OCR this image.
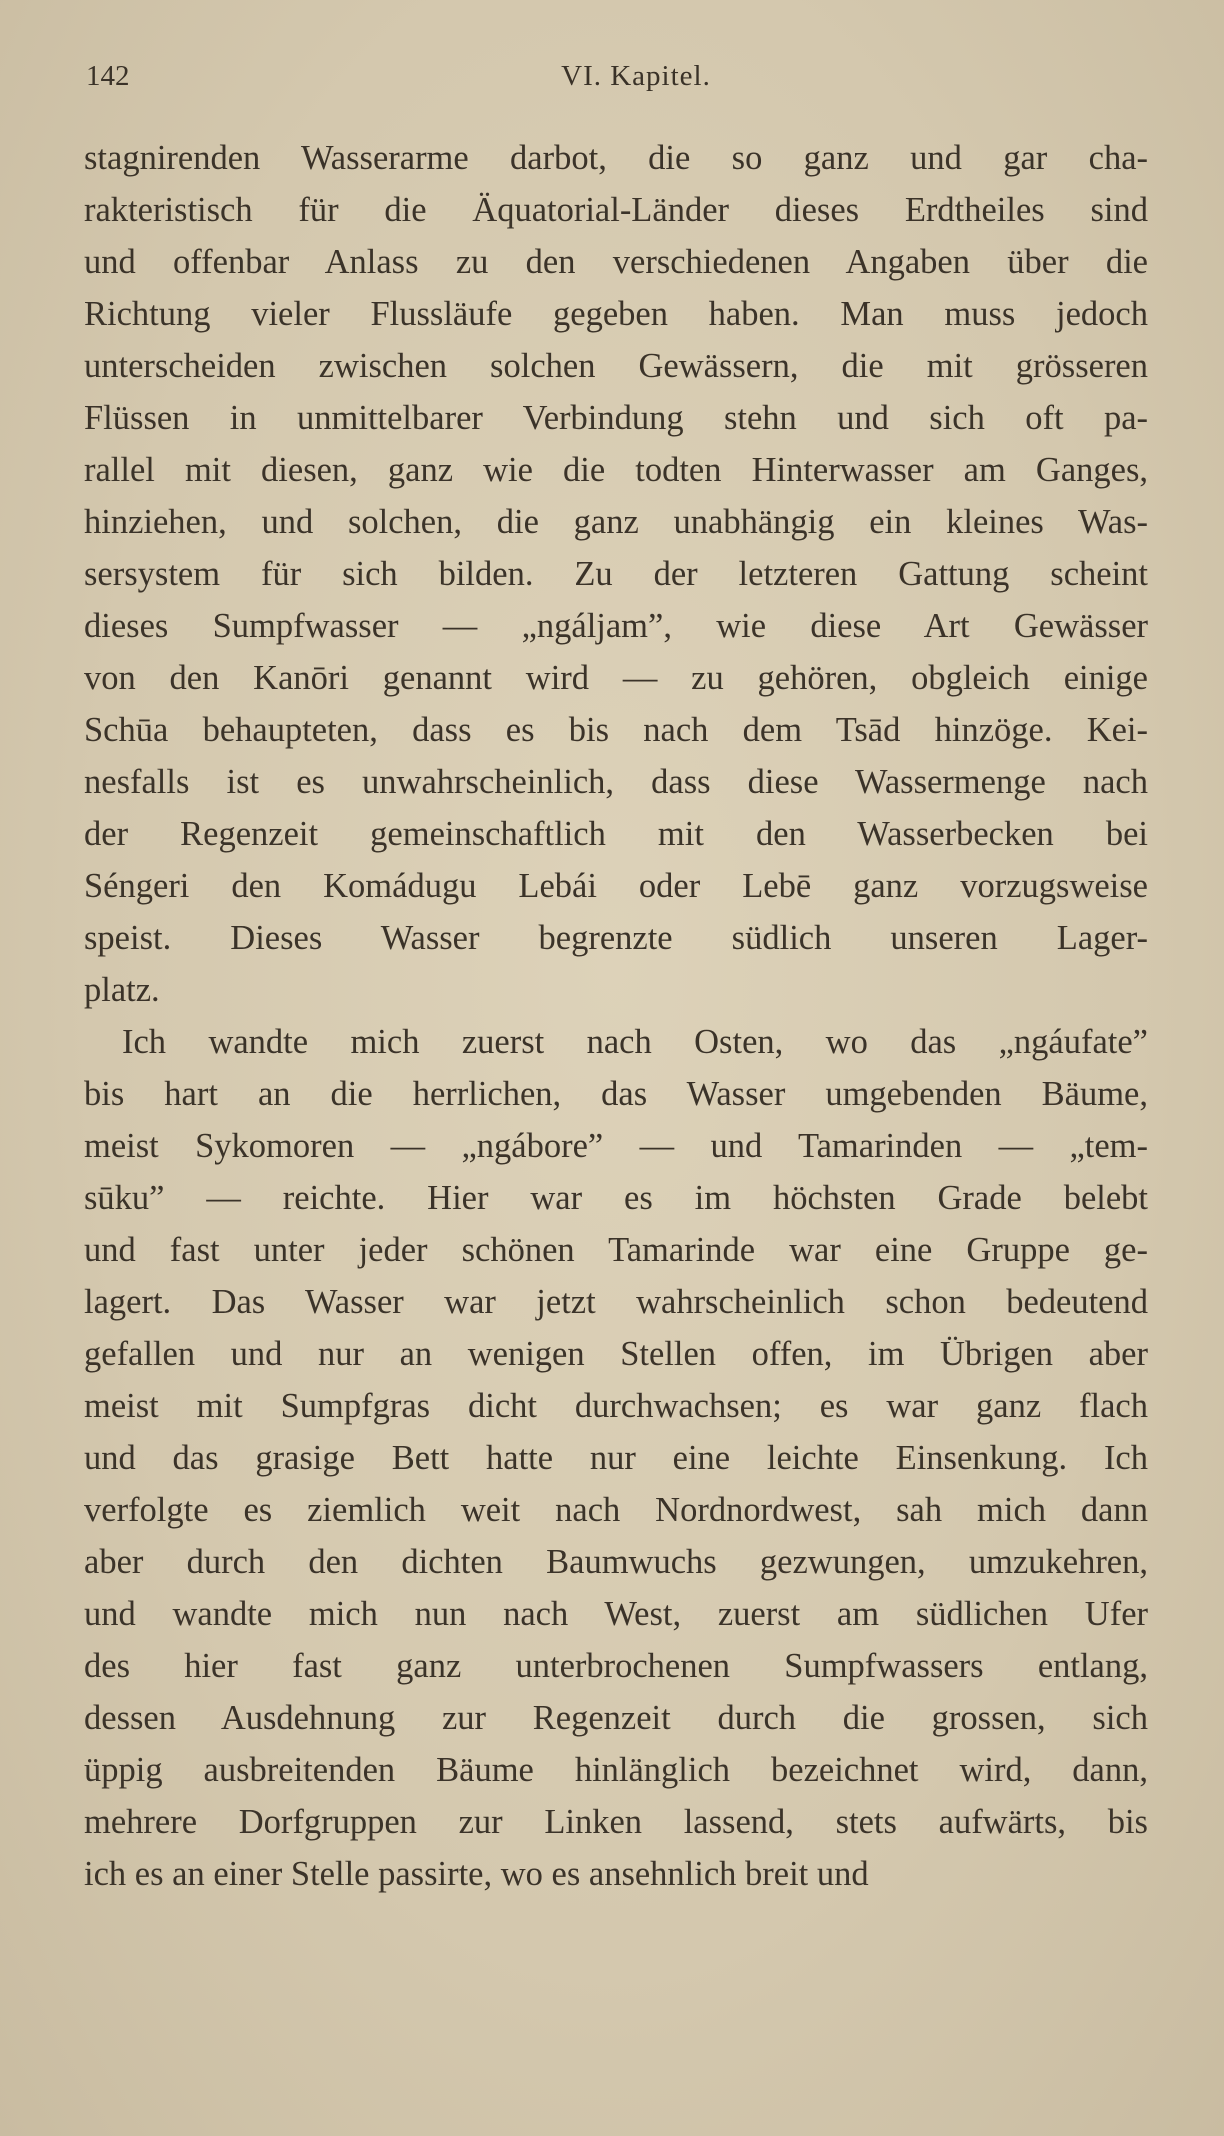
142	VI. Kapitel.
stagnirenden Wasserarme darbot, die so ganz und gar cha-
rakteristisch für die Äquatorial-Länder dieses Erdtheiles sind
und offenbar Anlass zu den verschiedenen Angaben über die
Richtung vieler Flussläufe gegeben haben. Man muss jedoch
unterscheiden zwischen solchen Gewässern, die mit grösseren
Flüssen in unmittelbarer Verbindung stehn und sich oft pa-
rallel mit diesen, ganz wie die todten Hinterwasser am Ganges,
hinziehen, und solchen, die ganz unabhängig ein kleines Was-
sersystem für sich bilden. Zu der letzteren Gattung scheint
dieses Sumpfwasser — „ngáljam”, wie diese Art Gewässer
von den Kanōri genannt wird — zu gehören, obgleich einige
Schūa behaupteten, dass es bis nach dem Tsād hinzöge. Kei-
nesfalls ist es unwahrscheinlich, dass diese Wassermenge nach
der Regenzeit gemeinschaftlich mit den Wasserbecken bei
Séngeri den Komádugu Lebái oder Lebē ganz vorzugsweise
speist. Dieses Wasser begrenzte südlich unseren Lager-
platz.
Ich wandte mich zuerst nach Osten, wo das „ngáufate”
bis hart an die herrlichen, das Wasser umgebenden Bäume,
meist Sykomoren — „ngábore” — und Tamarinden — „tem-
sūku” — reichte. Hier war es im höchsten Grade belebt
und fast unter jeder schönen Tamarinde war eine Gruppe ge-
lagert. Das Wasser war jetzt wahrscheinlich schon bedeutend
gefallen und nur an wenigen Stellen offen, im Übrigen aber
meist mit Sumpfgras dicht durchwachsen; es war ganz flach
und das grasige Bett hatte nur eine leichte Einsenkung. Ich
verfolgte es ziemlich weit nach Nordnordwest, sah mich dann
aber durch den dichten Baumwuchs gezwungen, umzukehren,
und wandte mich nun nach West, zuerst am südlichen Ufer
des hier fast ganz unterbrochenen Sumpfwassers entlang,
dessen Ausdehnung zur Regenzeit durch die grossen, sich
üppig ausbreitenden Bäume hinlänglich bezeichnet wird, dann,
mehrere Dorfgruppen zur Linken lassend, stets aufwärts, bis
ich es an einer Stelle passirte, wo es ansehnlich breit und
